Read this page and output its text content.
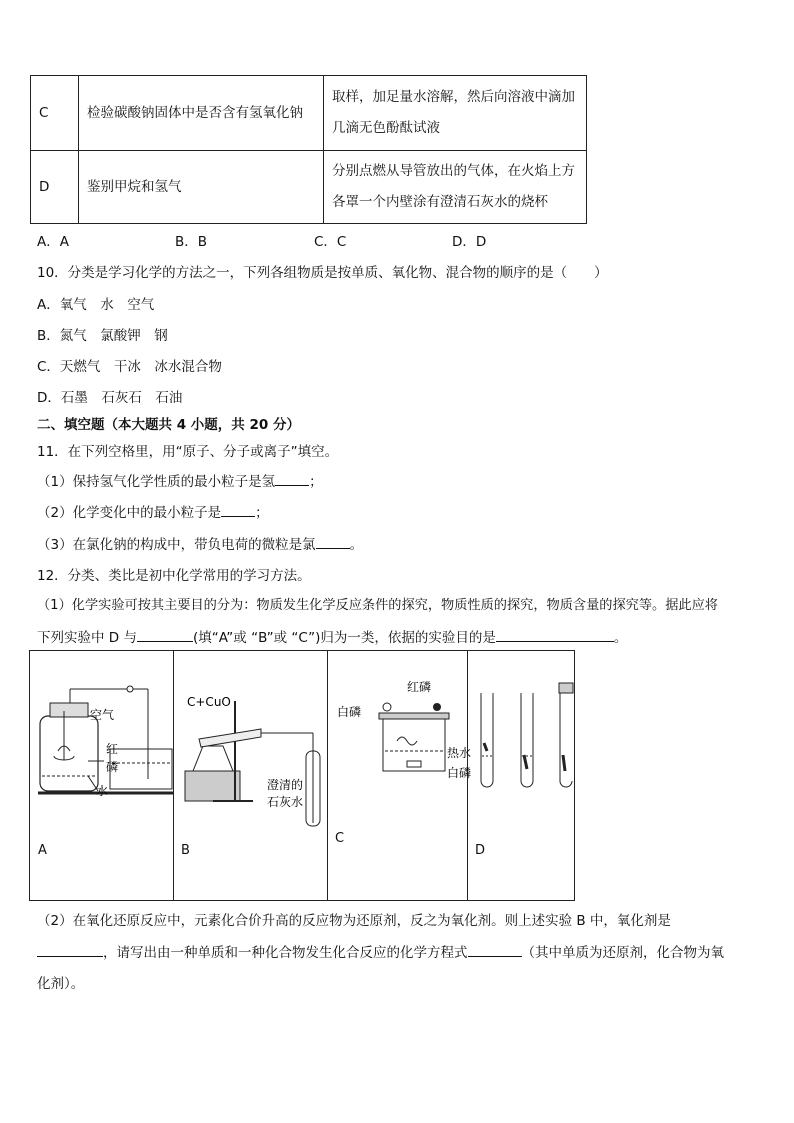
C	检验碳酸钠固体中是否含有氢氧化钠	取样，加足量水溶解，然后向溶液中滴加
几滴无色酚酞试液

D	鉴别甲烷和氢气	分别点燃从导管放出的气体，在火焰上方
各罩一个内壁涂有澄清石灰水的烧杯
A．A	B．B	C．C	D．D
10．分类是学习化学的方法之一，下列各组物质是按单质、氧化物、混合物的顺序的是（　　）
A．氧气　水　空气
B．氮气　氯酸钾　钢
C．天燃气　干冰　冰水混合物
D．石墨　石灰石　石油
二、填空题（本大题共 4 小题，共 20 分）
11．在下列空格里，用“原子、分子或离子”填空。
（1）保持氢气化学性质的最小粒子是氢	；
（2）化学变化中的最小粒子是	；
（3）在氯化钠的构成中，带负电荷的微粒是氯	。
12．分类、类比是初中化学常用的学习方法。
（1）化学实验可按其主要目的分为：物质发生化学反应条件的探究，物质性质的探究，物质含量的探究等。据此应将
下列实验中 D 与	(填“A”或 “B”或 “C”)归为一类，依据的实验目的是	。
空气
红
磷
水
A
C+CuO
澄清的
石灰水
B
红磷
白磷
热水
白磷
C
D
（2）在氧化还原反应中，元素化合价升高的反应物为还原剂，反之为氧化剂。则上述实验 B 中，氧化剂是
，请写出由一种单质和一种化合物发生化合反应的化学方程式	（其中单质为还原剂，化合物为氧
化剂）。
